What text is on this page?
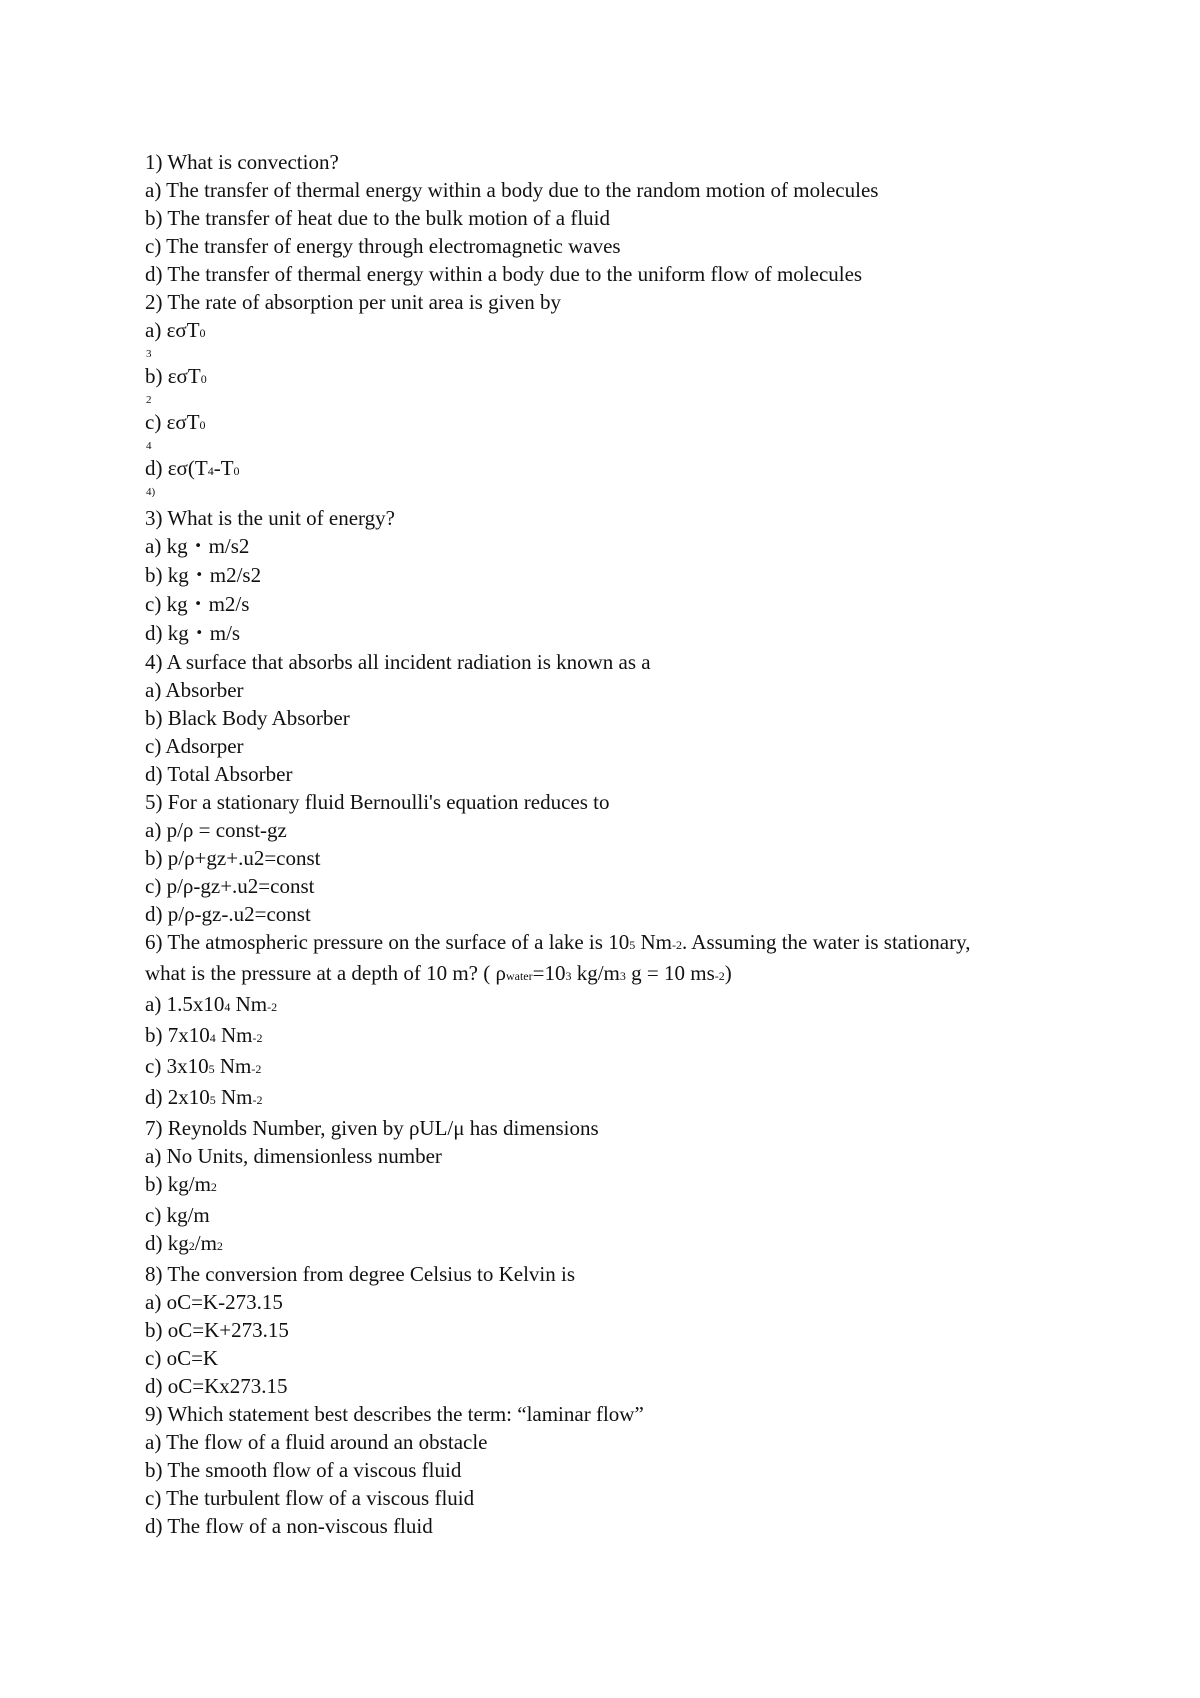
1) What is convection?

a) The transfer of thermal energy within a body due to the random motion of molecules

b) The transfer of heat due to the bulk motion of a fluid

c) The transfer of energy through electromagnetic waves

d) The transfer of thermal energy within a body due to the uniform flow of molecules

2) The rate of absorption per unit area is given by

a) εσT0

3

b) εσT0

2

c) εσT0

4

d) εσ(T4-T0

4)

3) What is the unit of energy?

a) kg・m/s2

b) kg・m2/s2

c) kg・m2/s

d) kg・m/s

4) A surface that absorbs all incident radiation is known as a

a) Absorber

b) Black Body Absorber

c) Adsorper

d) Total Absorber

5) For a stationary fluid Bernoulli's equation reduces to

a) p/ρ = const-gz

b) p/ρ+gz+.u2=const

c) p/ρ-gz+.u2=const

d) p/ρ-gz-.u2=const

6) The atmospheric pressure on the surface of a lake is 105 Nm-2. Assuming the water is stationary,

what is the pressure at a depth of 10 m? ( ρwater=103 kg/m3 g = 10 ms-2)

a) 1.5x104 Nm-2

b) 7x104 Nm-2

c) 3x105 Nm-2

d) 2x105 Nm-2

7) Reynolds Number, given by ρUL/μ has dimensions

a) No Units, dimensionless number

b) kg/m2

c) kg/m

d) kg2/m2

8) The conversion from degree Celsius to Kelvin is

a) oC=K-273.15

b) oC=K+273.15

c) oC=K

d) oC=Kx273.15

9) Which statement best describes the term: “laminar flow”

a) The flow of a fluid around an obstacle

b) The smooth flow of a viscous fluid

c) The turbulent flow of a viscous fluid

d) The flow of a non-viscous fluid
